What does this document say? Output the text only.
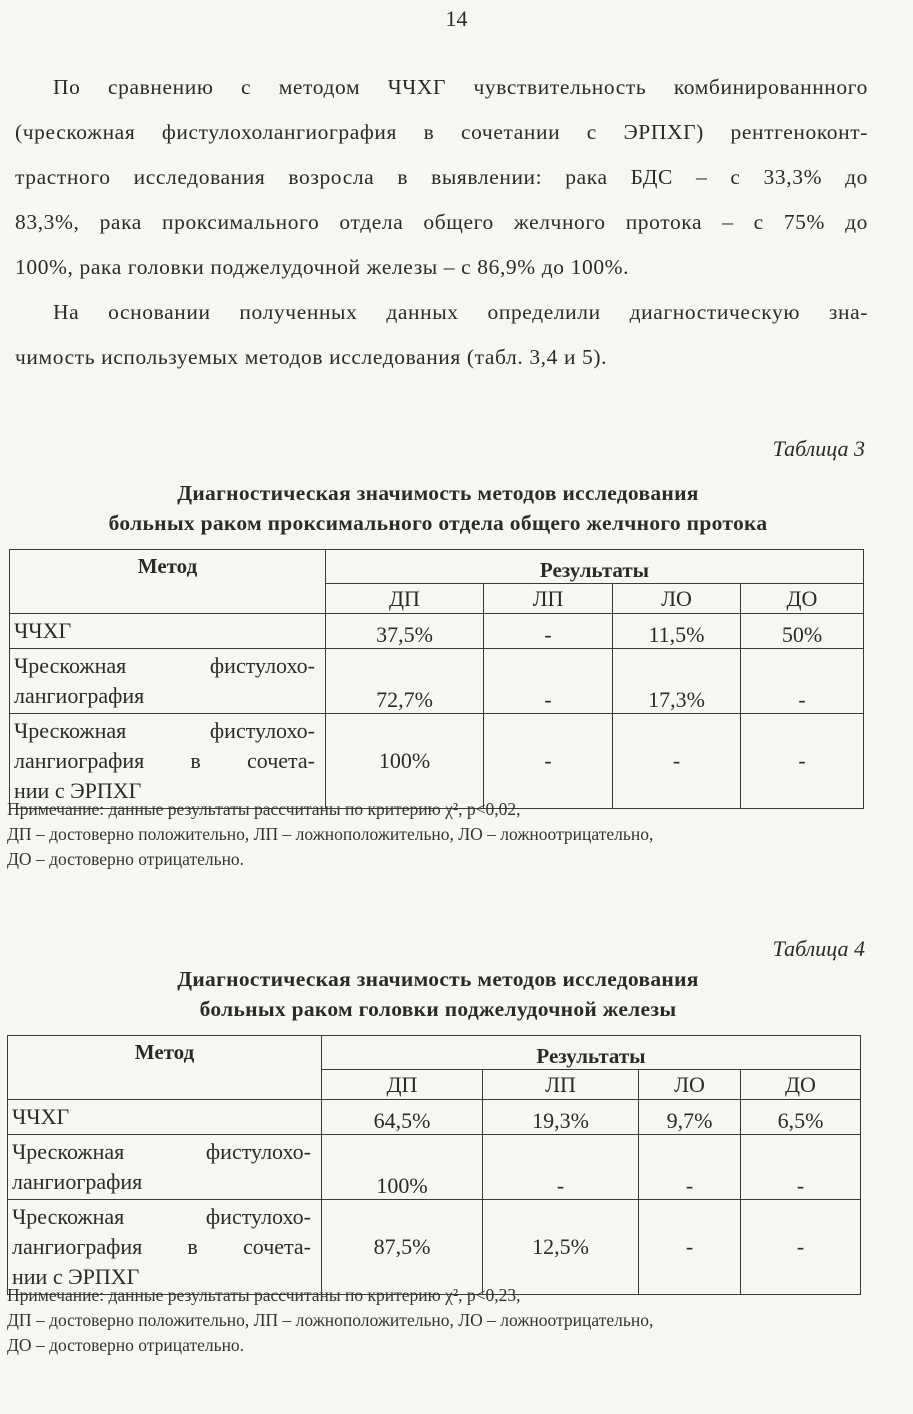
14

По сравнению с методом ЧЧХГ чувствительность комбинированнного
(чрескожная фистулохолангиография в сочетании с ЭРПХГ) рентгеноконт-
трастного исследования возросла в выявлении: рака БДС – с 33,3% до
83,3%, рака проксимального отдела общего желчного протока – с 75% до
100%, рака головки поджелудочной железы – с 86,9% до 100%.

На основании полученных данных определили диагностическую зна-
чимость используемых методов исследования (табл. 3,4 и 5).

Таблица 3
Диагностическая значимость методов исследования
больных раком проксимального отдела общего желчного протока
Метод	Результаты			
	ДП	ЛП	ЛО	ДО

ЧЧХГ	37,5%	-	11,5%	50%

Чрескожная фистулохо-
лангиография	72,7%	-	17,3%	-

Чрескожная фистулохо-
лангиография в сочета-
нии с ЭРПХГ	100%	-	-	-
Примечание: данные результаты рассчитаны по критерию χ², p<0,02,
ДП – достоверно положительно, ЛП – ложноположительно, ЛО – ложноотрицательно,
ДО – достоверно отрицательно.
Таблица 4
Диагностическая значимость методов исследования
больных раком головки поджелудочной железы
Метод	Результаты			
	ДП	ЛП	ЛО	ДО

ЧЧХГ	64,5%	19,3%	9,7%	6,5%

Чрескожная фистулохо-
лангиография	100%	-	-	-

Чрескожная фистулохо-
лангиография в сочета-
нии с ЭРПХГ	87,5%	12,5%	-	-
Примечание: данные результаты рассчитаны по критерию χ², p<0,23,
ДП – достоверно положительно, ЛП – ложноположительно, ЛО – ложноотрицательно,
ДО – достоверно отрицательно.
